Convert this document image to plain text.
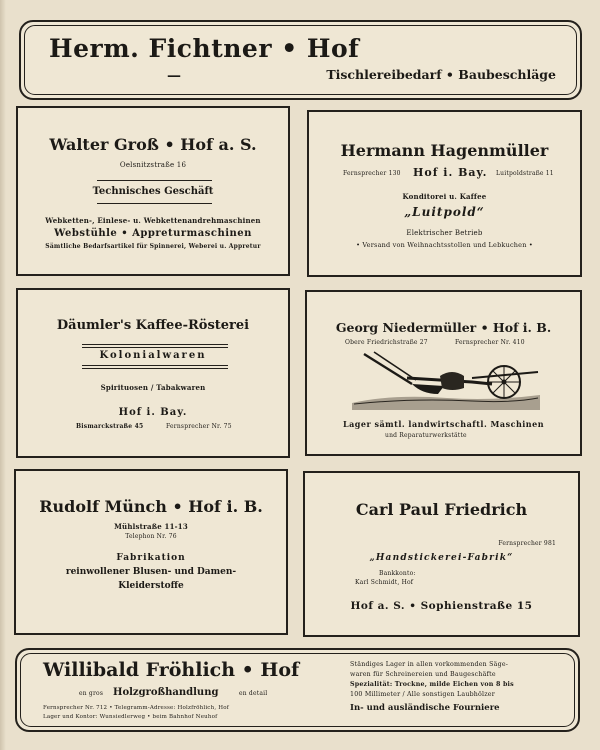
Herm. Fichtner • Hof
—	Tischlereibedarf • Baubeschläge
Walter Groß • Hof a. S.
Oelsnitzstraße 16
Technisches Geschäft
Webketten-, Einlese- u. Webkettenandrehmaschinen
Webstühle • Appreturmaschinen
Sämtliche Bedarfsartikel für Spinnerei, Weberei u. Appretur
Hermann Hagenmüller
Fernsprecher 130 Hof i. Bay. Luitpoldstraße 11
Konditorei u. Kaffee
„Luitpold“
Elektrischer Betrieb
• Versand von Weihnachtsstollen und Lebkuchen •
Däumler's Kaffee-Rösterei
Kolonialwaren
Spirituosen / Tabakwaren
Hof i. Bay.
Bismarckstraße 45	Fernsprecher Nr. 75
Georg Niedermüller • Hof i. B.
Obere Friedrichstraße 27	Fernsprecher Nr. 410
Lager sämtl. landwirtschaftl. Maschinen
und Reparaturwerkstätte
Rudolf Münch • Hof i. B.
Mühlstraße 11-13
Telephon Nr. 76
Fabrikation
reinwollener Blusen- und Damen-
Kleiderstoffe
Carl Paul Friedrich
Fernsprecher 981
„Handstickerei-Fabrik“
Bankkonto:
Karl Schmidt, Hof
Hof a. S. • Sophienstraße 15
Willibald Fröhlich • Hof
en gros Holzgroßhandlung	en detail
Fernsprecher Nr. 712 • Telegramm-Adresse: Holzfröhlich, Hof
Lager und Kontor: Wunsiedlerweg • beim Bahnhof Neuhof
Ständiges Lager in allen vorkommenden Säge-
waren für Schreinereien und Baugeschäfte
Spezialität: Trockne, milde Eichen von 8 bis
100 Millimeter / Alle sonstigen Laubhölzer
In- und ausländische Fourniere
